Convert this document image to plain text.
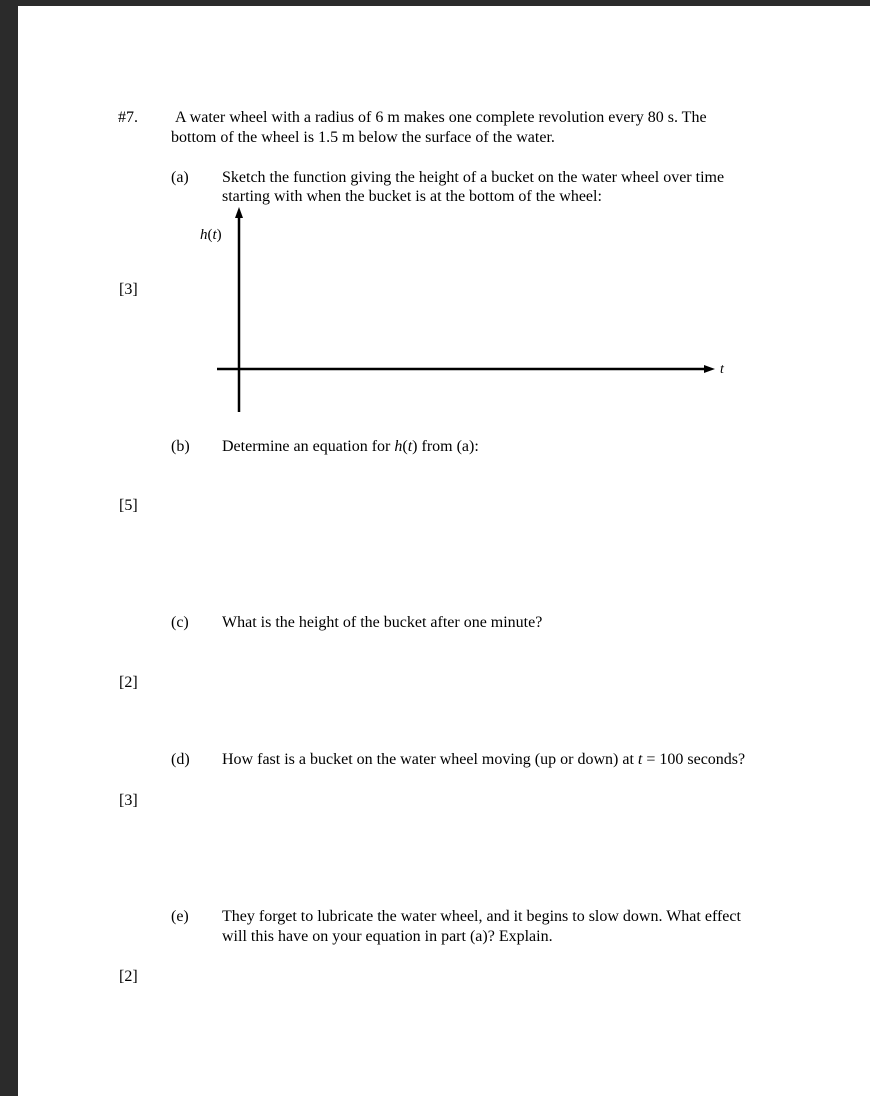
#7. A water wheel with a radius of 6 m makes one complete revolution every 80 s. The
bottom of the wheel is 1.5 m below the surface of the water.
(a) Sketch the function giving the height of a bucket on the water wheel over time
starting with when the bucket is at the bottom of the wheel:
[3]
h(t)
t
(b) Determine an equation for h(t) from (a):
[5]
(c) What is the height of the bucket after one minute?
[2]
(d) How fast is a bucket on the water wheel moving (up or down) at t = 100 seconds?
[3]
(e) They forget to lubricate the water wheel, and it begins to slow down. What effect
will this have on your equation in part (a)? Explain.
[2]
